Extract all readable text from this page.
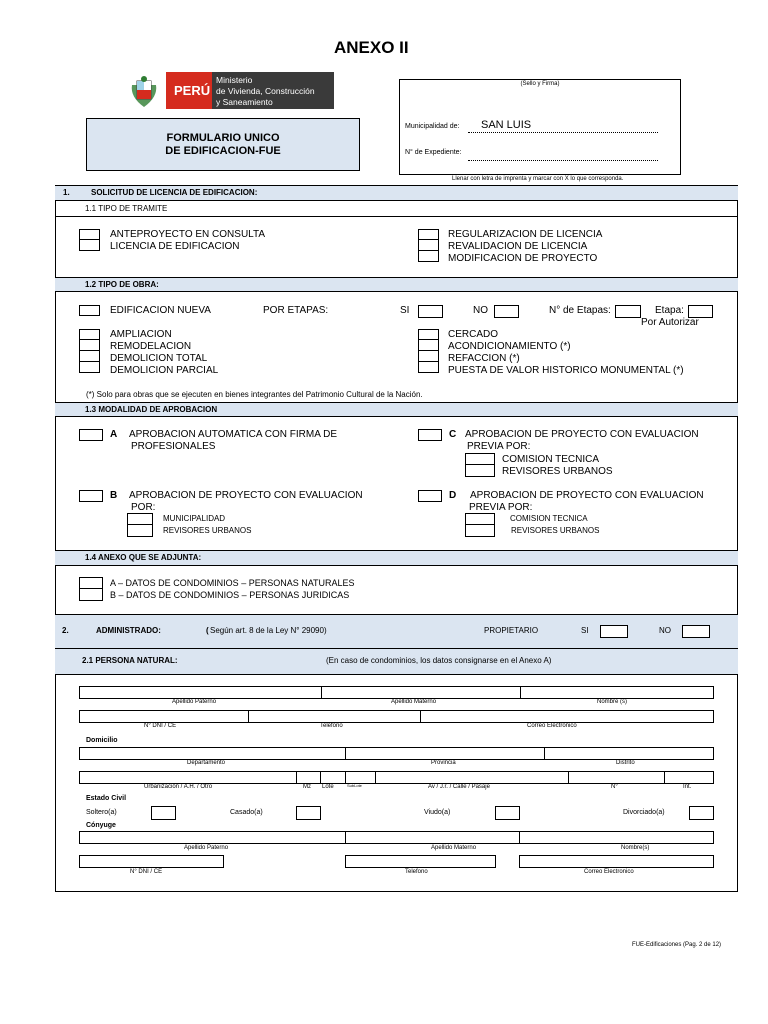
ANEXO II
PERÚ
Ministerio
de Vivienda, Construcción
y Saneamiento
FORMULARIO UNICO
DE EDIFICACION-FUE
(Sello y Firma)
Municipalidad de: SAN LUIS
N° de Expediente:
Llenar con letra de imprenta y marcar con X lo que corresponda.
1.	SOLICITUD DE LICENCIA DE EDIFICACION:
1.1 TIPO DE TRAMITE
ANTEPROYECTO EN CONSULTA
LICENCIA DE EDIFICACION
REGULARIZACION DE LICENCIA
REVALIDACION DE LICENCIA
MODIFICACION DE PROYECTO
1.2 TIPO DE OBRA:
EDIFICACION NUEVA	POR ETAPAS:	SI	NO	N° de Etapas:	Etapa:
Por Autorizar
AMPLIACION
REMODELACION
DEMOLICION TOTAL
DEMOLICION PARCIAL
CERCADO
ACONDICIONAMIENTO (*)
REFACCION (*)
PUESTA DE VALOR HISTORICO MONUMENTAL (*)
(*) Solo para obras que se ejecuten en bienes integrantes del Patrimonio Cultural de la Nación.
1.3 MODALIDAD DE APROBACION
A APROBACION AUTOMATICA CON FIRMA DE
PROFESIONALES
C APROBACION DE PROYECTO CON EVALUACION
PREVIA POR:
COMISION TECNICA
REVISORES URBANOS
B APROBACION DE PROYECTO CON EVALUACION
POR:
MUNICIPALIDAD
REVISORES URBANOS
D APROBACION DE PROYECTO CON EVALUACION
PREVIA POR:
COMISION TECNICA
REVISORES URBANOS
1.4 ANEXO QUE SE ADJUNTA:
A – DATOS DE CONDOMINIOS – PERSONAS NATURALES
B – DATOS DE CONDOMINIOS – PERSONAS JURIDICAS
2.	ADMINISTRADO:	( Según art. 8 de la Ley N° 29090)	PROPIETARIO	SI	NO
2.1 PERSONA NATURAL:	(En caso de condominios, los datos consignarse en el Anexo A)
Apellido Paterno	Apellido Materno	Nombre (s)
N° DNI / CE	Telefono	Correo Electronico
Domicilio
Departamento	Provincia	Distrito
Urbanización / A.H. / Otro	Mz Lote	SubLote	Av / J.r. / Calle / Pasaje	N°	Int.
Estado Civil
Soltero(a)	Casado(a)	Viudo(a)	Divorciado(a)
Cónyuge
Apellido Paterno	Apellido Materno	Nombre(s)
N° DNI / CE	Telefono	Correo Electronico
FUE-Edificaciones (Pag. 2 de 12)
